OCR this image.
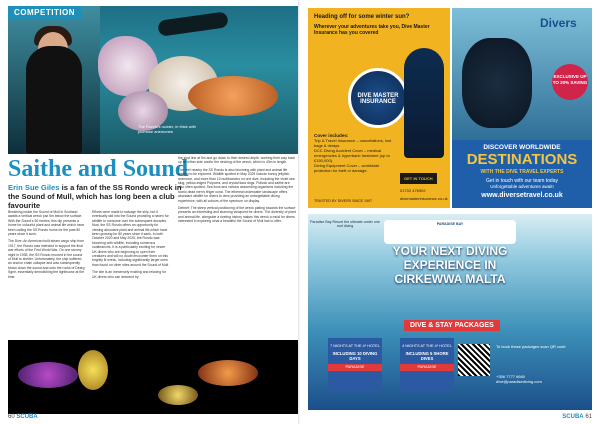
The Rondo's rudder, in thick with plumose anemones
COMPETITION
Saithe and Sound
Erin Sue Giles is a fan of the SS Rondo wreck in the Sound of Mull, which has long been a club favourite

Breathing inside the Sound of Mull in Scotland awaits a vertical wreck just 5m below the surface. With the Sound's 50 metres, this dip presents a home for colourful plant and animal life which have been calling the SS Rondo home for the past 80 years since it sunk.

The Dive: An American built steam cargo ship from 1917, the Rondo was intended to support the final war efforts of the First World War. On one stormy night in 1935, the SS Rondo moored in the sound of Mull to shelter. Unfortunately, the ship suffered an anchor chain collapse and was subsequently blown down the sound and onto the rocks of Dearg Sgeir, essentially demolishing the lighthouse at the time.

Efforts were made to salvage the ship, but it eventually slid into the Sound providing a haven for wildlife to consume over the subsequent decades. Now, the SS Rondo offers an opportunity for viewing abundant plant and animal life which have been growing for 80 years since it sank. In both October 2020 and May 2025, the Rondo was blooming with wildlife, including numerous nudibranchs. It is a particularly exciting for newer UK divers who are beginning to open their creatures and will no doubt encounter them on this brightly lit wreck, including significantly larger ones than found on other sites around the Sound of Mull.

The site is an immensely exciting and relaxing for UK divers who can descend by

the shot line at 5m and go down to their desired depth, working their way back up as either side and/or the decking of the wreck, which is 40m in length.

The reef nearby the SS Rondo is also blooming with plant and animal life waiting to be explored. Wildlife spotted in May 2025 include bunny jellyfish, anemone, and more than 10 nudibranchs on one dive, including the violet sea slug, yellow-edged Polycera, and crystal tiara dogs. Pollock and saithe are also often spotted. Sea lions and various astounding organisms including the iconic dead men's finger coral. The ethereal underwater landscape offers abundant wildlife for divers to view providing an unforgettable diving experience, with all colours of the spectrum on display.

Debrief: The steep vertical positioning of the wreck plating towards the surface presents an interesting and stunning viewpoint for divers. The diversity of plant and animal life, alongside a riveting history makes this wreck a must for divers interested in exploring what a beautiful the Sound of Mull has to offer.

60 SCUBA
Heading off for some winter sun?
Wherever your adventures take you, Dive Master Insurance has you covered
DIVE MASTER INSURANCE
Cover includes:
Trip & Travel Insurance – cancellations, lost bags & delays.
DCC Diving Accident Cover – medical emergencies & hyperbaric treatment (up to £150,000).
Diving Equipment Cover – worldwide protection for theft or damage.
GET IN TOUCH
01702 476902
divemasterinsurance.co.uk
TRUSTED BY DIVERS SINCE 1997
Divers
EXCLUSIVE UP TO 20% SAVING
DISCOVER WORLDWIDE
DESTINATIONS
WITH THE DIVE TRAVEL EXPERTS
Get in touch with our team today
Unforgettable adventures await!
www.diversetravel.co.uk
Paradise Bay Resort the ultimate under one roof diving	PARADISE BAY
YOUR NEXT DIVING
EXPERIENCE IN
CIRKEWWA MALTA
DIVE & STAY PACKAGES
7 NIGHTS AT THE 4* HOTEL
INCLUDING 10 DIVING DAYS
PARADISE
4 NIGHTS AT THE 4* HOTEL
INCLUDING 5 SHORE DIVES
PARADISE
To book these packages scan QR code
+356 7777 6660
dive@paradisediving.com
SCUBA 61
